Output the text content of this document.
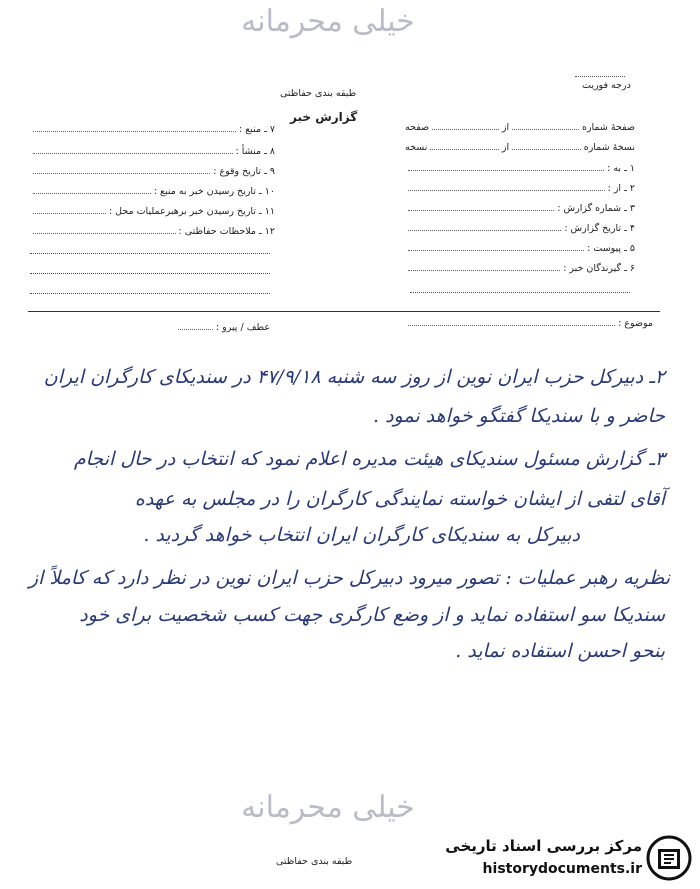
خیلی محرمانه
طبقه بندی حفاظتی
درجه فوریت
گزارش خبر
صفحهٔ شماره
از
صفحه
نسخهٔ شماره
از
نسخه
۱ ـ به :
۲ ـ از :
۳ ـ شماره گزارش :
۴ ـ تاریخ گزارش :
۵ ـ پیوست :
۶ ـ گیرندگان خبر :
۷ ـ منبع :
۸ ـ منشأ :
۹ ـ تاریخ وقوع :
۱۰ ـ تاریخ رسیدن خبر به منبع :
۱۱ ـ تاریخ رسیدن خبر برهبرعملیات محل :
۱۲ ـ ملاحظات حفاظتی :
موضوع :
عطف / پیرو :
۲ـ دبیرکل حزب ایران نوین از روز سه شنبه ۴۷/۹/۱۸ در سندیکای کارگران ایران
حاضر و با سندیکا گفتگو خواهد نمود .
۳ـ گزارش مسئول سندیکای هیئت مدیره اعلام نمود که انتخاب در حال انجام
آقای لتفی از ایشان خواسته نمایندگی کارگران را در مجلس به عهده
دبیرکل به سندیکای کارگران ایران انتخاب خواهد گردید .
نظریه رهبر عملیات : تصور میرود دبیرکل حزب ایران نوین در نظر دارد که کاملاً از
سندیکا سو استفاده نماید و از وضع کارگری جهت کسب شخصیت برای خود
بنحو احسن استفاده نماید .
خیلی محرمانه
طبقه بندی حفاظتی
مرکز بررسی اسناد تاریخی
historydocuments.ir
